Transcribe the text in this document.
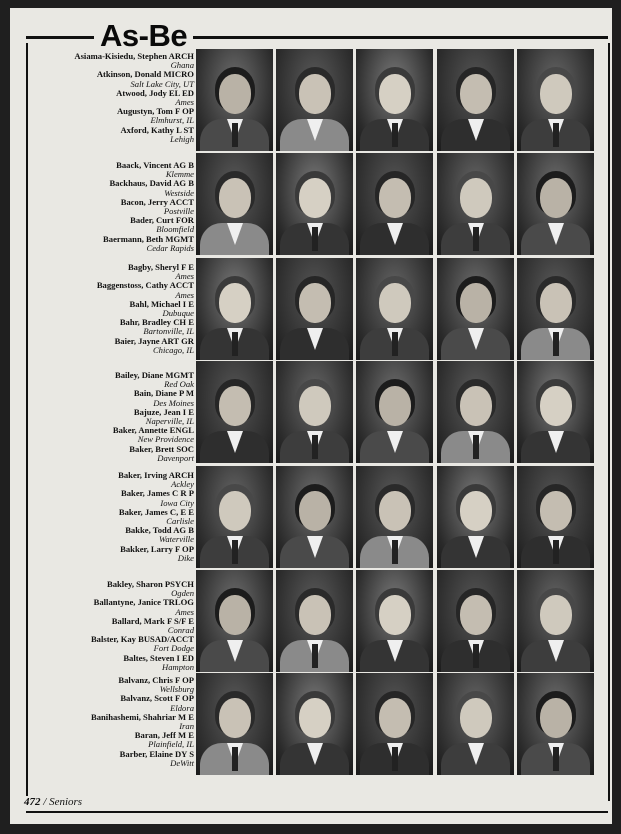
As-Be
472 / Seniors
Asiama-Kisiedu, Stephen ARCH
Ghana
Atkinson, Donald MICRO
Salt Lake City, UT
Atwood, Jody EL ED
Ames
Augustyn, Tom F OP
Elmhurst, IL
Axford, Kathy L ST
Lehigh
Baack, Vincent AG B
Klemme
Backhaus, David AG B
Westside
Bacon, Jerry ACCT
Postville
Bader, Curt FOR
Bloomfield
Baermann, Beth MGMT
Cedar Rapids
Bagby, Sheryl F E
Ames
Baggenstoss, Cathy ACCT
Ames
Bahl, Michael I E
Dubuque
Bahr, Bradley CH E
Bartonville, IL
Baier, Jayne ART GR
Chicago, IL
Bailey, Diane MGMT
Red Oak
Bain, Diane P M
Des Moines
Bajuze, Jean I E
Naperville, IL
Baker, Annette ENGL
New Providence
Baker, Brett SOC
Davenport
Baker, Irving ARCH
Ackley
Baker, James C R P
Iowa City
Baker, James C, E E
Carlisle
Bakke, Todd AG B
Waterville
Bakker, Larry F OP
Dike
Bakley, Sharon PSYCH
Ogden
Ballantyne, Janice TRLOG
Ames
Ballard, Mark F S/F E
Conrad
Balster, Kay BUSAD/ACCT
Fort Dodge
Baltes, Steven I ED
Hampton
Balvanz, Chris F OP
Wellsburg
Balvanz, Scott F OP
Eldora
Banihashemi, Shahriar M E
Iran
Baran, Jeff M E
Plainfield, IL
Barber, Elaine DY S
DeWitt
